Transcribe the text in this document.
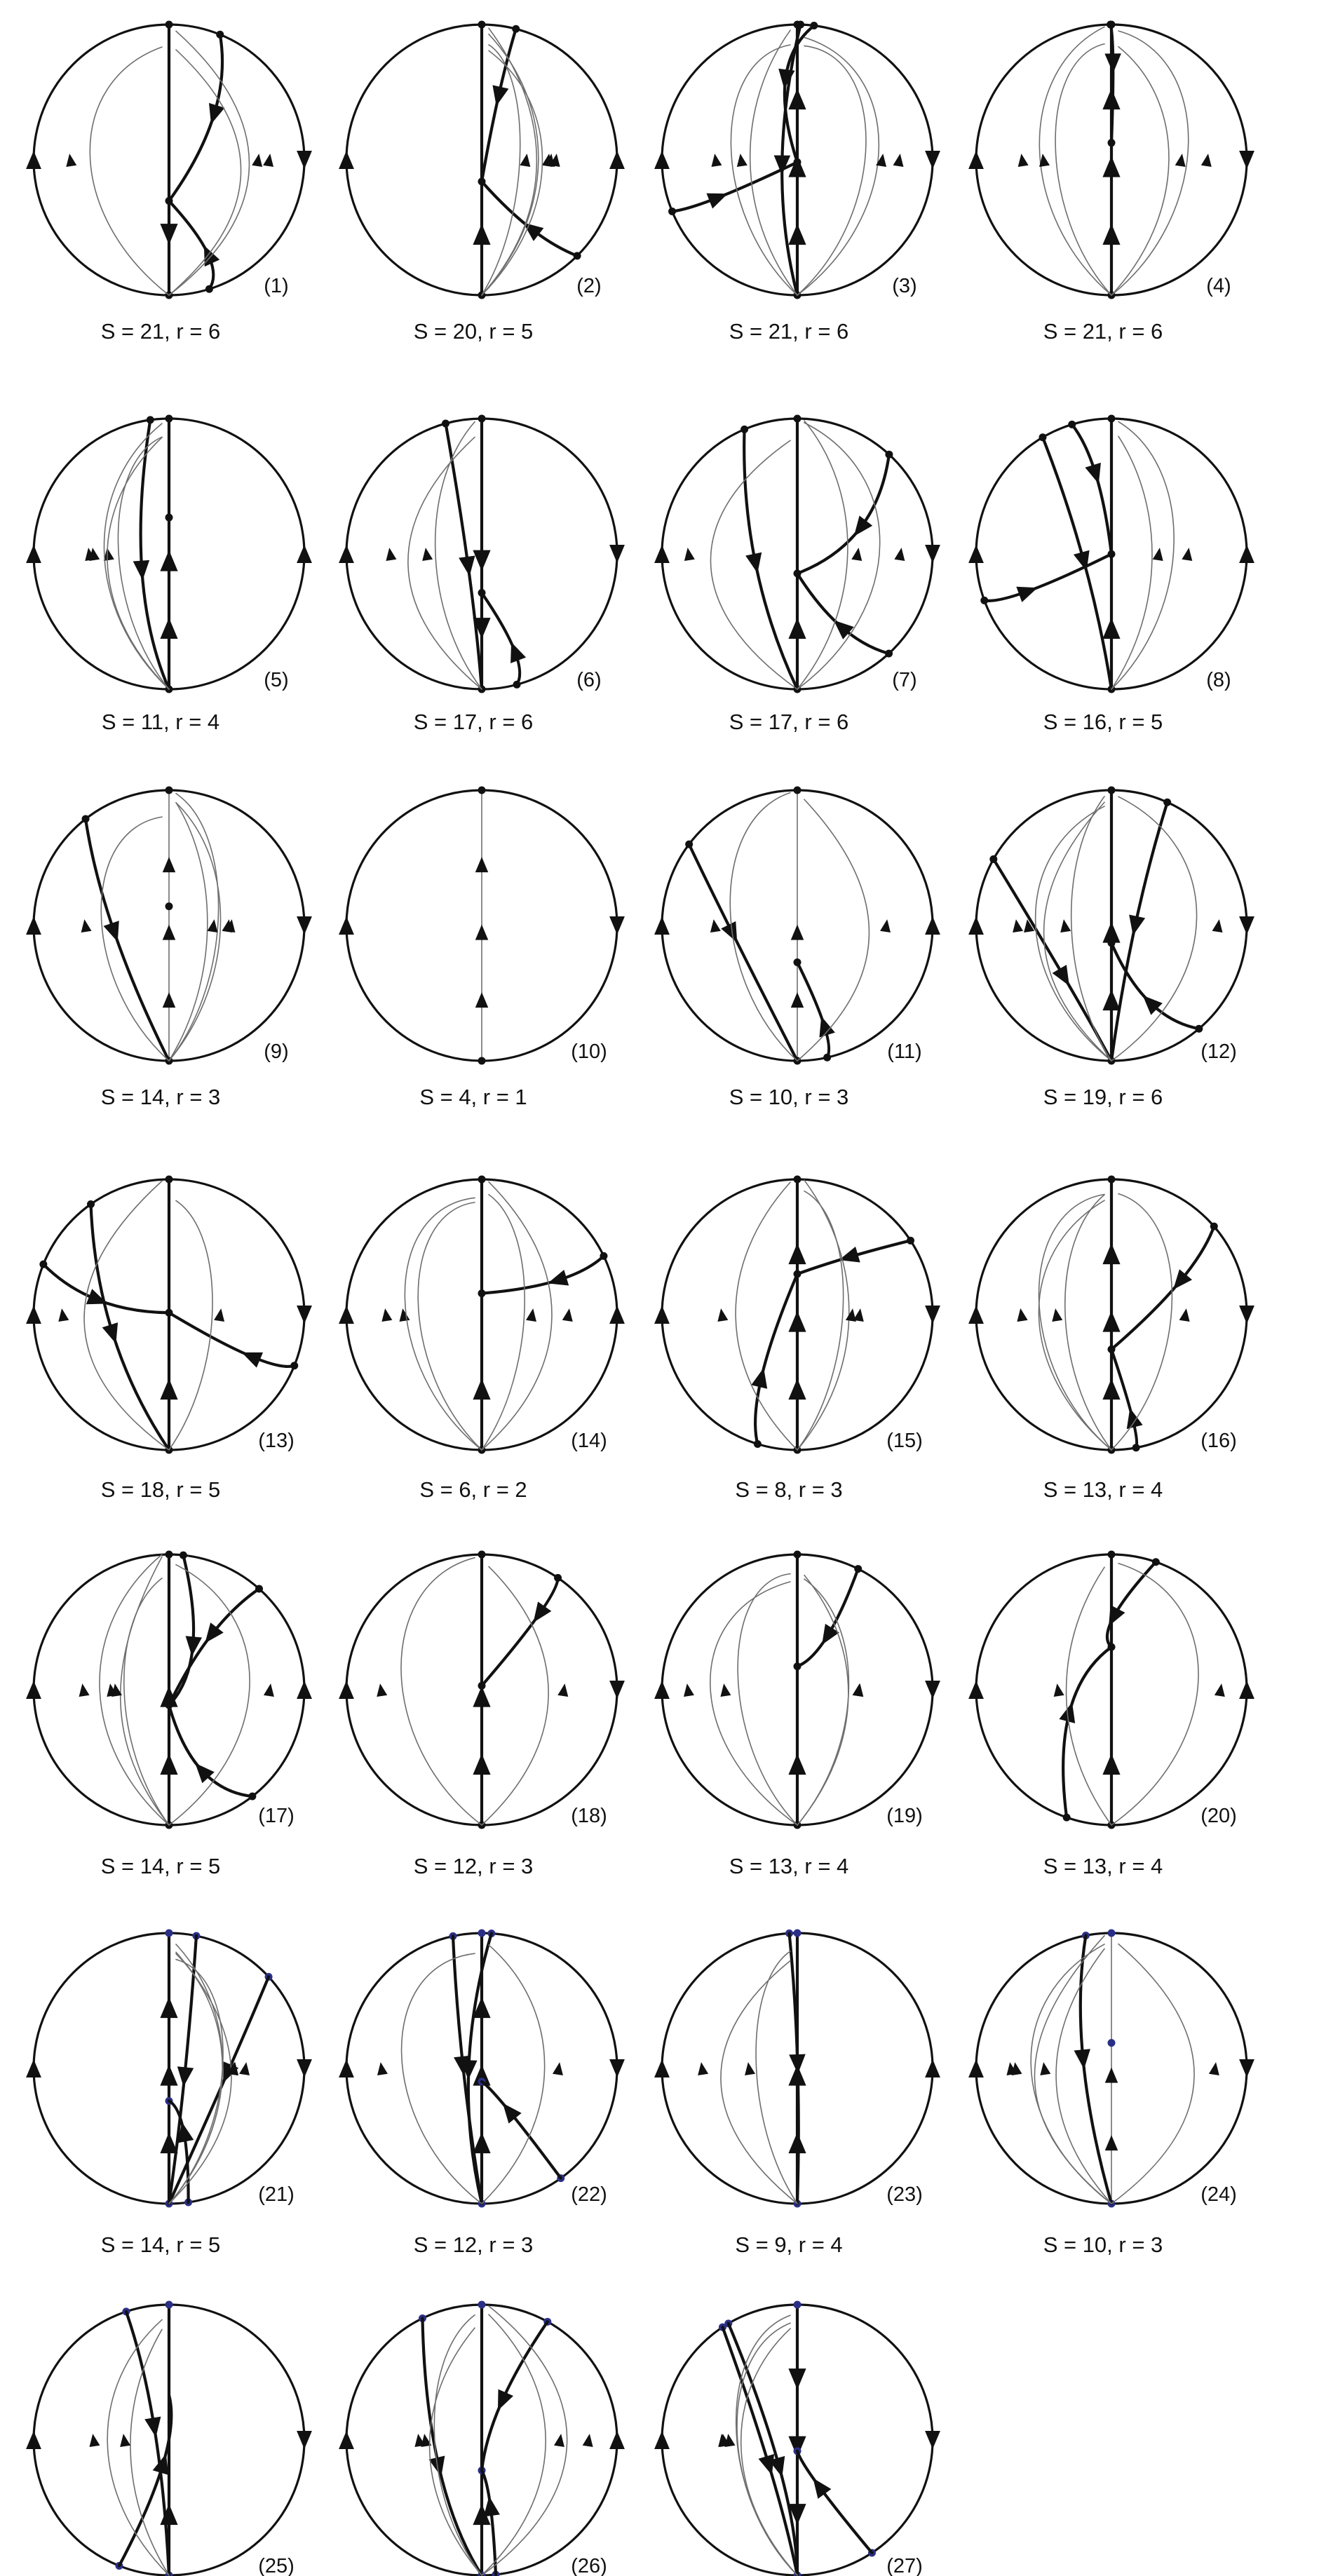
(1)
S = 21, r = 6
(2)
S = 20, r = 5
(3)
S = 21, r = 6
(4)
S = 21, r = 6
(5)
S = 11, r = 4
(6)
S = 17, r = 6
(7)
S = 17, r = 6
(8)
S = 16, r = 5
(9)
S = 14, r = 3
(10)
S = 4, r = 1
(11)
S = 10, r = 3
(12)
S = 19, r = 6
(13)
S = 18, r = 5
(14)
S = 6, r = 2
(15)
S = 8, r = 3
(16)
S = 13, r = 4
(17)
S = 14, r = 5
(18)
S = 12, r = 3
(19)
S = 13, r = 4
(20)
S = 13, r = 4
(21)
S = 14, r = 5
(22)
S = 12, r = 3
(23)
S = 9, r = 4
(24)
S = 10, r = 3
(25)	(26)	(27)
